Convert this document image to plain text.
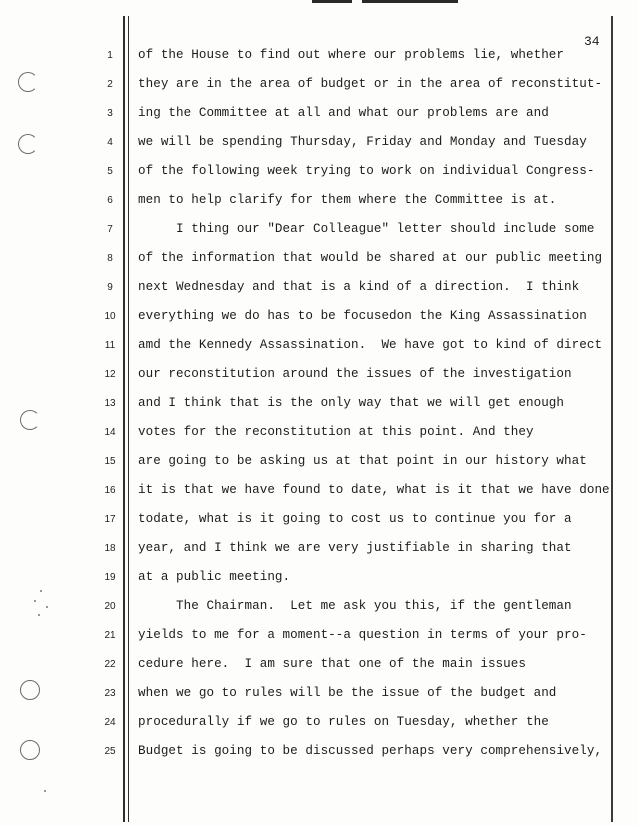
34
1	of the House to find out where our problems lie, whether
2	they are in the area of budget or in the area of reconstitut-
3	ing the Committee at all and what our problems are and
4	we will be spending Thursday, Friday and Monday and Tuesday
5	of the following week trying to work on individual Congress-
6	men to help clarify for them where the Committee is at.
7	I thing our "Dear Colleague" letter should include some
8	of the information that would be shared at our public meeting
9	next Wednesday and that is a kind of a direction.  I think
10	everything we do has to be focusedon the King Assassination
11	amd the Kennedy Assassination.  We have got to kind of direct
12	our reconstitution around the issues of the investigation
13	and I think that is the only way that we will get enough
14	votes for the reconstitution at this point. And they
15	are going to be asking us at that point in our history what
16	it is that we have found to date, what is it that we have done
17	todate, what is it going to cost us to continue you for a
18	year, and I think we are very justifiable in sharing that
19	at a public meeting.
20	The Chairman.  Let me ask you this, if the gentleman
21	yields to me for a moment--a question in terms of your pro-
22	cedure here.  I am sure that one of the main issues
23	when we go to rules will be the issue of the budget and
24	procedurally if we go to rules on Tuesday, whether the
25	Budget is going to be discussed perhaps very comprehensively,
